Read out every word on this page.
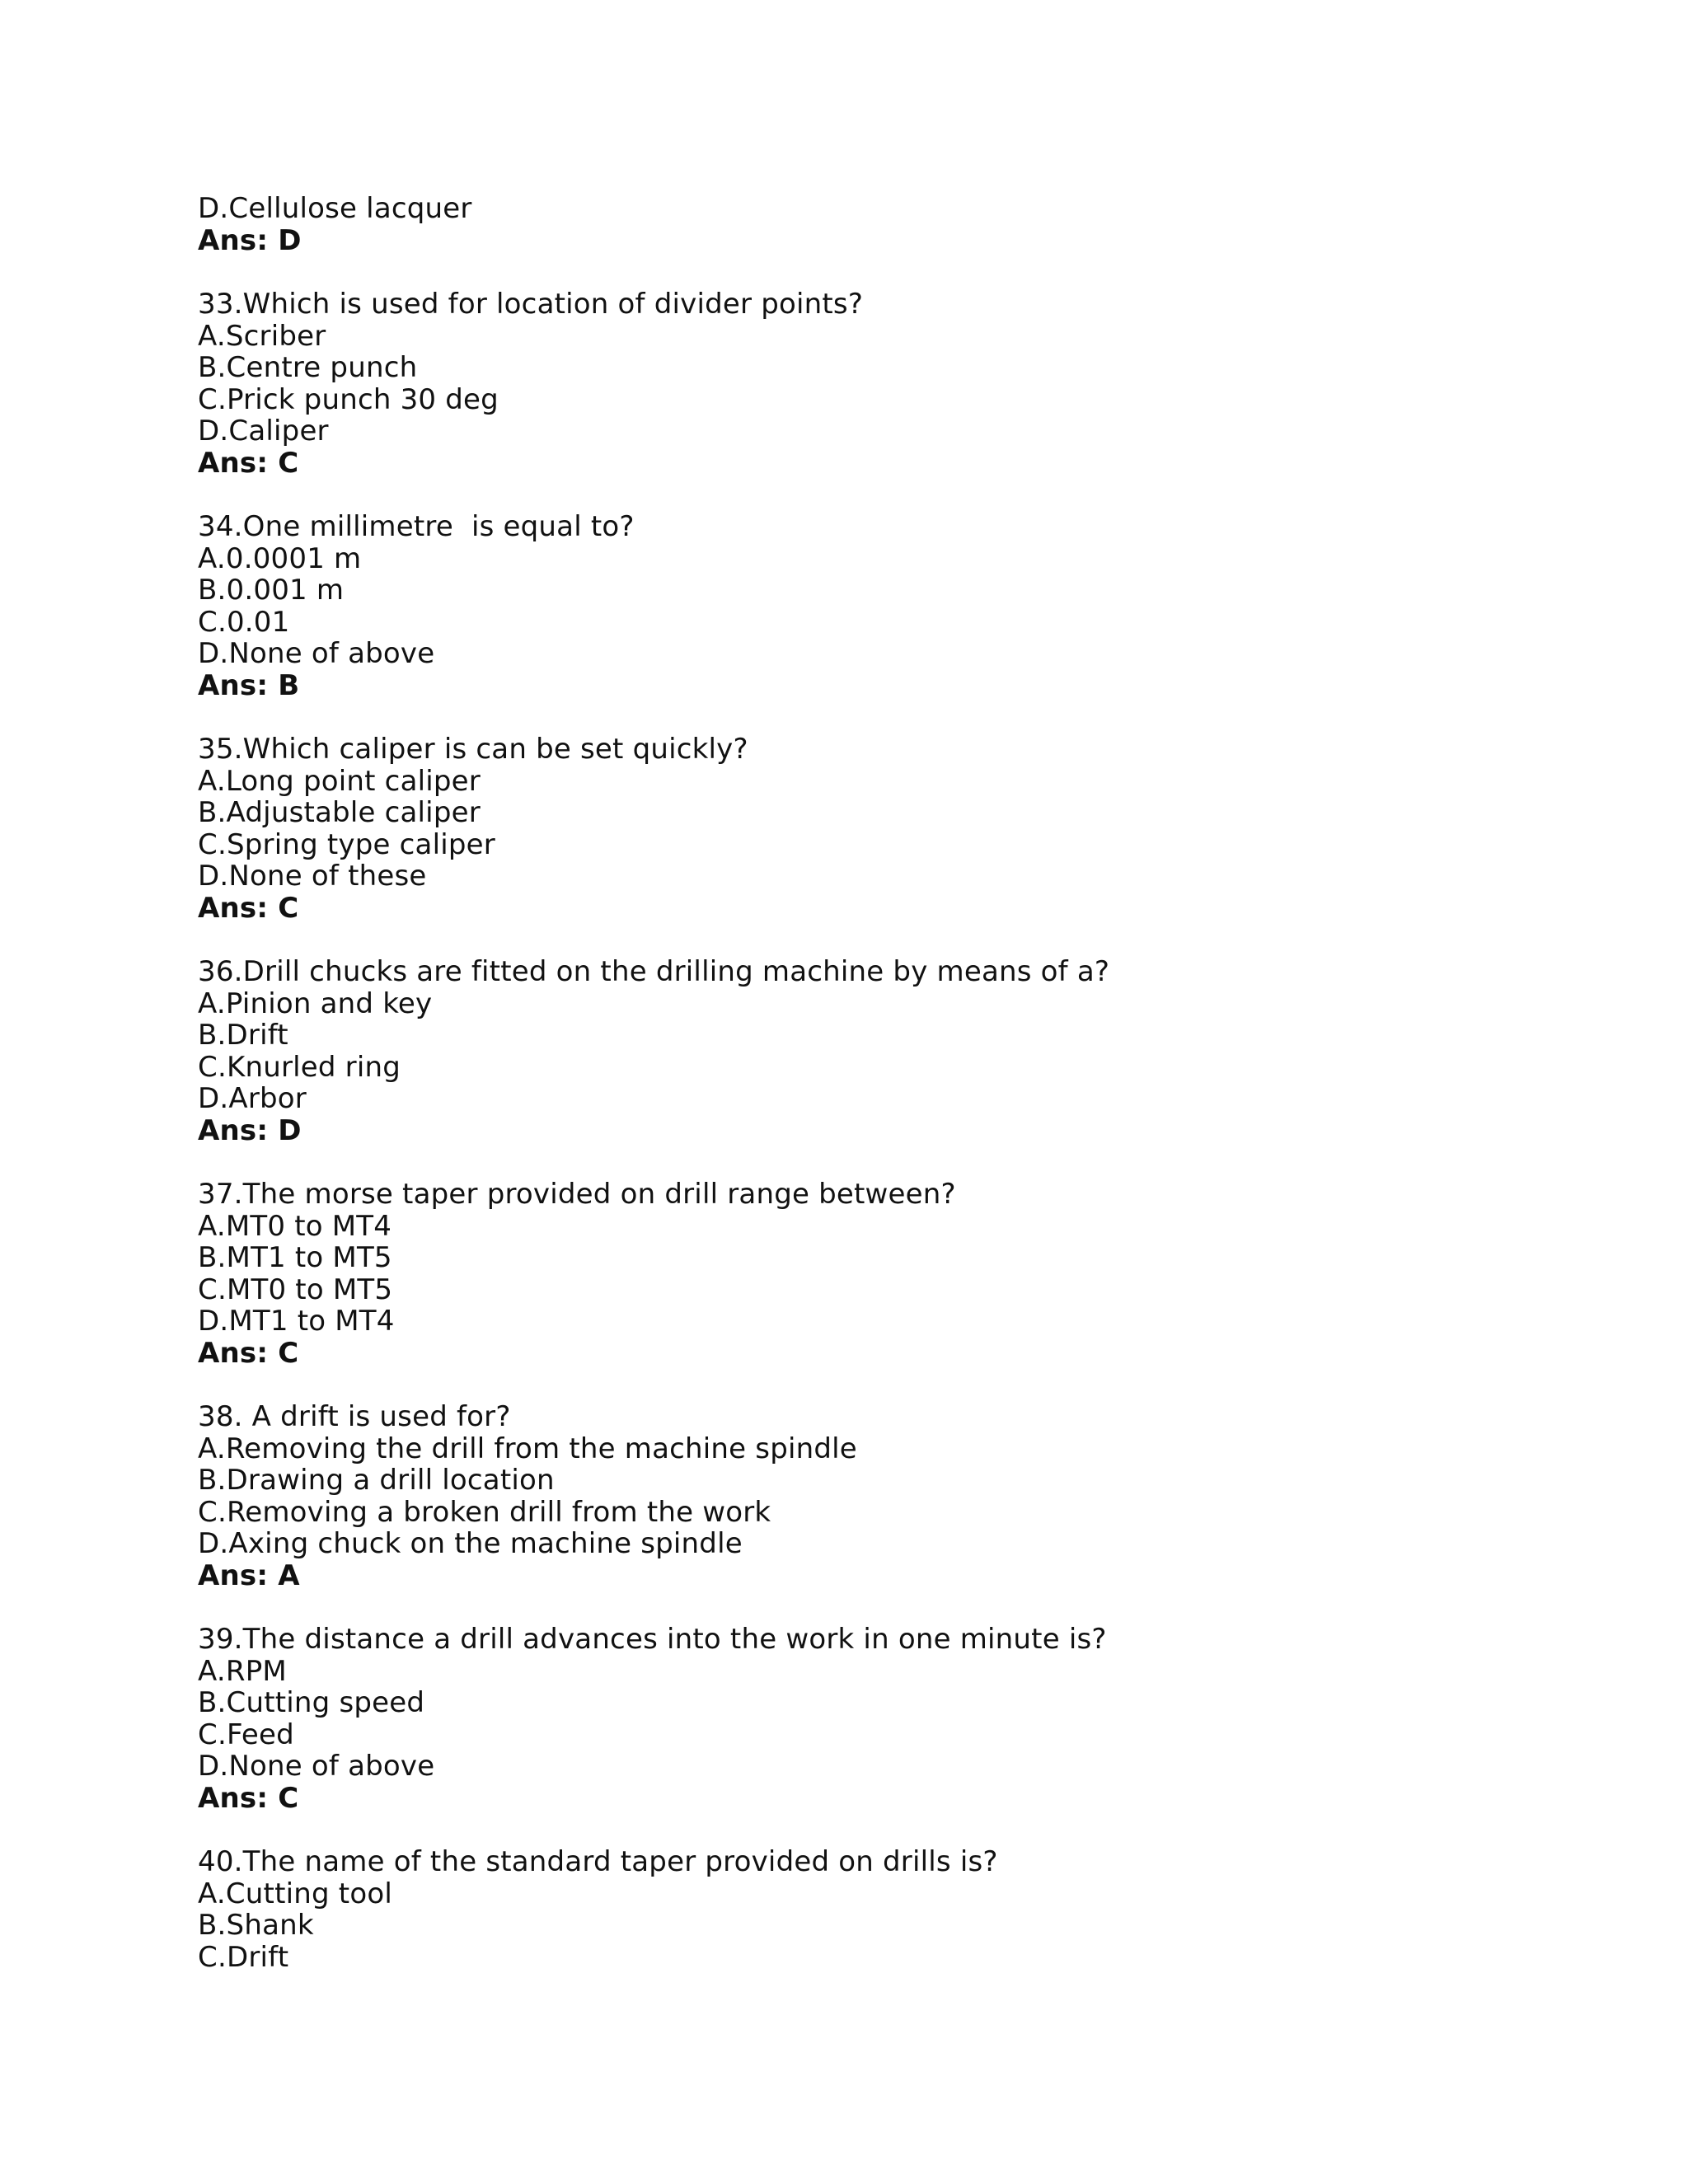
D.Cellulose lacquer
Ans: D
33.Which is used for location of divider points?
A.Scriber
B.Centre punch
C.Prick punch 30 deg
D.Caliper
Ans: C
34.One millimetre  is equal to?
A.0.0001 m
B.0.001 m
C.0.01
D.None of above
Ans: B
35.Which caliper is can be set quickly?
A.Long point caliper
B.Adjustable caliper
C.Spring type caliper
D.None of these
Ans: C
36.Drill chucks are fitted on the drilling machine by means of a?
A.Pinion and key
B.Drift
C.Knurled ring
D.Arbor
Ans: D
37.The morse taper provided on drill range between?
A.MT0 to MT4
B.MT1 to MT5
C.MT0 to MT5
D.MT1 to MT4
Ans: C
38. A drift is used for?
A.Removing the drill from the machine spindle
B.Drawing a drill location
C.Removing a broken drill from the work
D.Axing chuck on the machine spindle
Ans: A
39.The distance a drill advances into the work in one minute is?
A.RPM
B.Cutting speed
C.Feed
D.None of above
Ans: C
40.The name of the standard taper provided on drills is?
A.Cutting tool
B.Shank
C.Drift
